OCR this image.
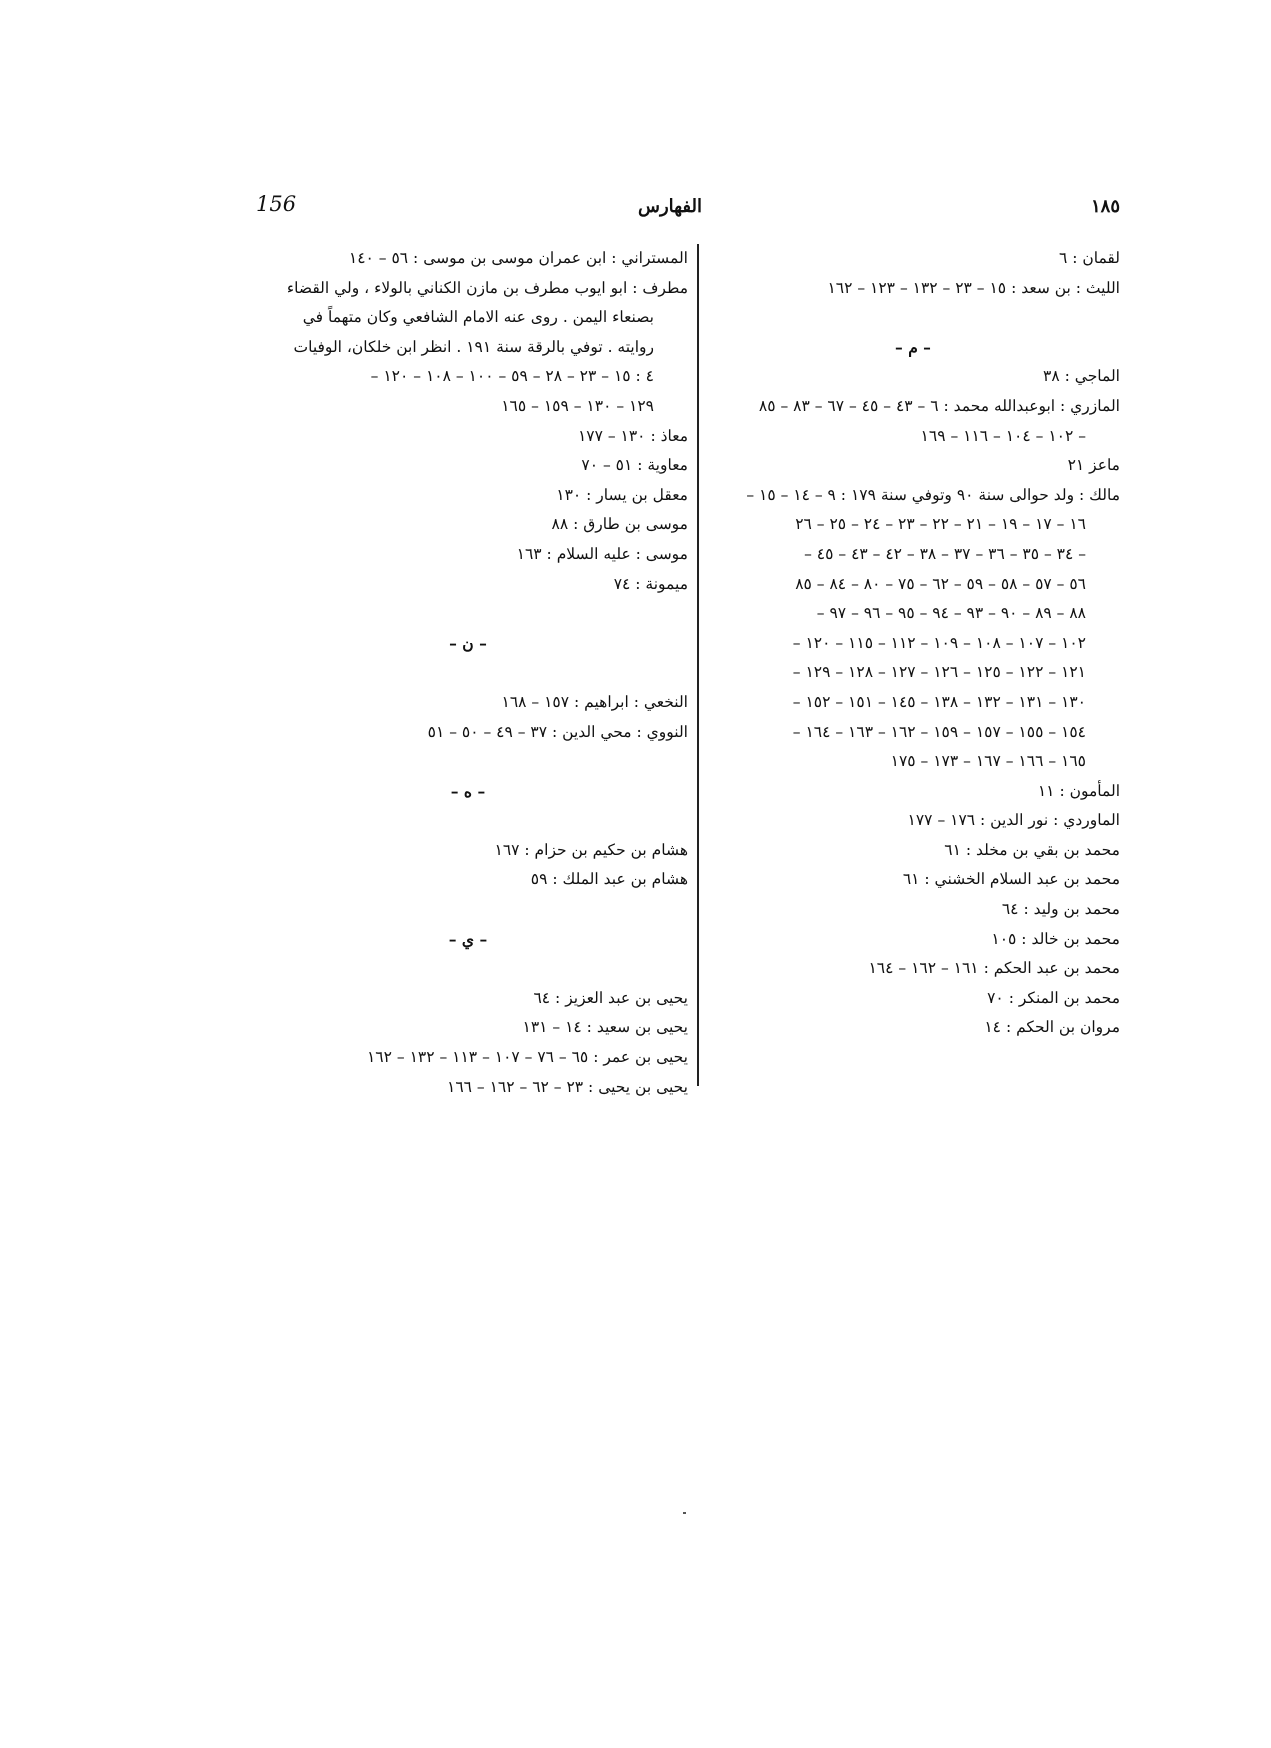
156	الفهارس	١٨٥
لقمان : ٦
الليث : بن سعد : ١٥ – ٢٣ – ١٣٢ – ١٢٣ – ١٦٢
– م –
الماجي : ٣٨
المازري : ابوعبدالله محمد : ٦ – ٤٣ – ٤٥ – ٦٧ – ٨٣ – ٨٥
– ١٠٢ – ١٠٤ – ١١٦ – ١٦٩
ماعز ٢١
مالك : ولد حوالى سنة ٩٠ وتوفي سنة ١٧٩ : ٩ – ١٤ – ١٥ –
١٦ – ١٧ – ١٩ – ٢١ – ٢٢ – ٢٣ – ٢٤ – ٢٥ – ٢٦
– ٣٤ – ٣٥ – ٣٦ – ٣٧ – ٣٨ – ٤٢ – ٤٣ – ٤٥ –
٥٦ – ٥٧ – ٥٨ – ٥٩ – ٦٢ – ٧٥ – ٨٠ – ٨٤ – ٨٥
٨٨ – ٨٩ – ٩٠ – ٩٣ – ٩٤ – ٩٥ – ٩٦ – ٩٧ –
١٠٢ – ١٠٧ – ١٠٨ – ١٠٩ – ١١٢ – ١١٥ – ١٢٠ –
١٢١ – ١٢٢ – ١٢٥ – ١٢٦ – ١٢٧ – ١٢٨ – ١٢٩ –
١٣٠ – ١٣١ – ١٣٢ – ١٣٨ – ١٤٥ – ١٥١ – ١٥٢ –
١٥٤ – ١٥٥ – ١٥٧ – ١٥٩ – ١٦٢ – ١٦٣ – ١٦٤ –
١٦٥ – ١٦٦ – ١٦٧ – ١٧٣ – ١٧٥
المأمون : ١١
الماوردي : نور الدين : ١٧٦ – ١٧٧
محمد بن بقي بن مخلد : ٦١
محمد بن عبد السلام الخشني : ٦١
محمد بن وليد : ٦٤
محمد بن خالد : ١٠٥
محمد بن عبد الحكم : ١٦١ – ١٦٢ – ١٦٤
محمد بن المنكر : ٧٠
مروان بن الحكم : ١٤
المستراني : ابن عمران موسى بن موسى : ٥٦ – ١٤٠
مطرف : ابو ايوب مطرف بن مازن الكناني بالولاء ، ولي القضاء
بصنعاء اليمن . روى عنه الامام الشافعي وكان متهماً في
روايته . توفي بالرقة سنة ١٩١ . انظر ابن خلكان، الوفيات
٤ : ١٥ – ٢٣ – ٢٨ – ٥٩ – ١٠٠ – ١٠٨ – ١٢٠ –
١٢٩ – ١٣٠ – ١٥٩ – ١٦٥
معاذ : ١٣٠ – ١٧٧
معاوية : ٥١ – ٧٠
معقل بن يسار : ١٣٠
موسى بن طارق : ٨٨
موسى : عليه السلام : ١٦٣
ميمونة : ٧٤
– ن –
النخعي : ابراهيم : ١٥٧ – ١٦٨
النووي : محي الدين : ٣٧ – ٤٩ – ٥٠ – ٥١
– ه –
هشام بن حكيم بن حزام : ١٦٧
هشام بن عبد الملك : ٥٩
– ي –
يحيى بن عبد العزيز : ٦٤
يحيى بن سعيد : ١٤ – ١٣١
يحيى بن عمر : ٦٥ – ٧٦ – ١٠٧ – ١١٣ – ١٣٢ – ١٦٢
يحيى بن يحيى : ٢٣ – ٦٢ – ١٦٢ – ١٦٦
